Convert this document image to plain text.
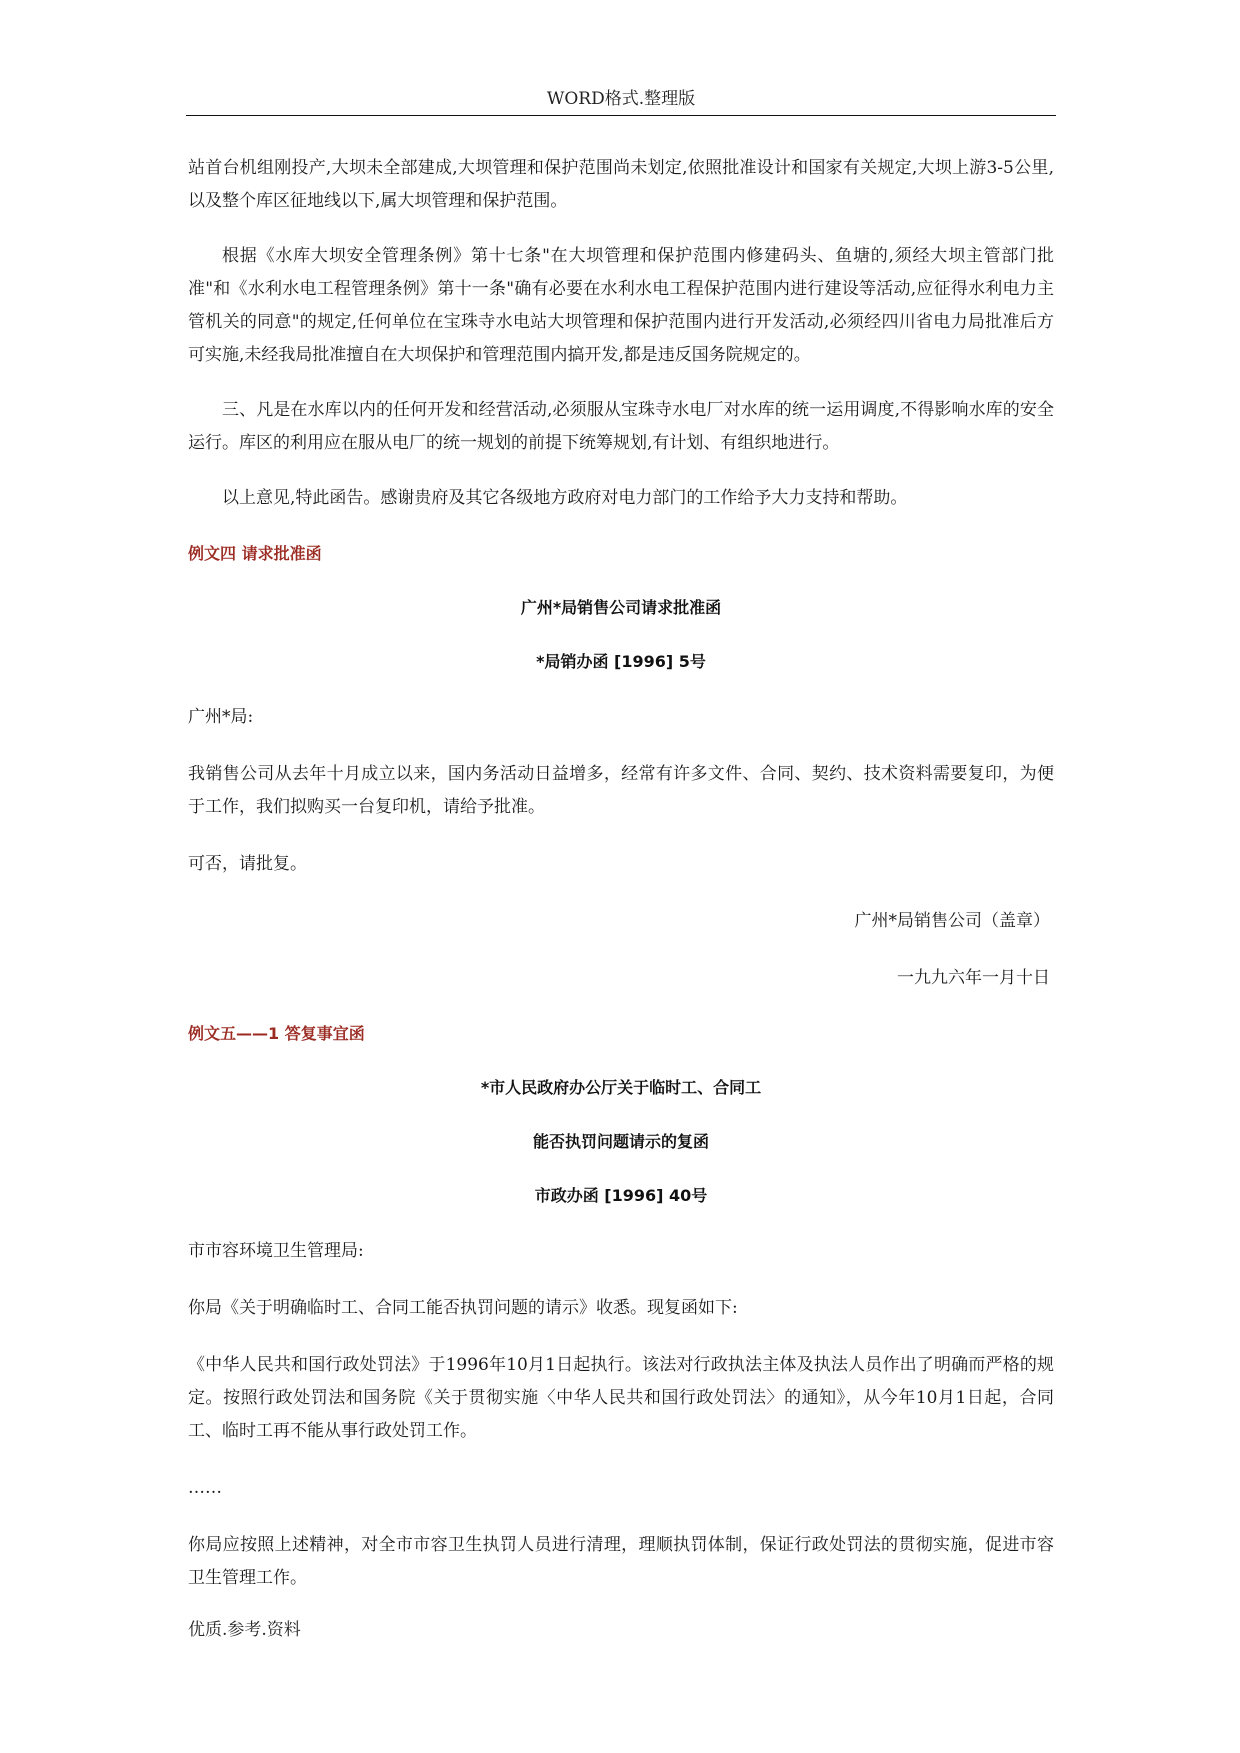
WORD格式.整理版

站首台机组刚投产,大坝未全部建成,大坝管理和保护范围尚未划定,依照批准设计和国家有关规定,大坝上游3-5公里,以及整个库区征地线以下,属大坝管理和保护范围。

根据《水库大坝安全管理条例》第十七条"在大坝管理和保护范围内修建码头、鱼塘的,须经大坝主管部门批准"和《水利水电工程管理条例》第十一条"确有必要在水利水电工程保护范围内进行建设等活动,应征得水利电力主管机关的同意"的规定,任何单位在宝珠寺水电站大坝管理和保护范围内进行开发活动,必须经四川省电力局批准后方可实施,未经我局批准擅自在大坝保护和管理范围内搞开发,都是违反国务院规定的。

三、凡是在水库以内的任何开发和经营活动,必须服从宝珠寺水电厂对水库的统一运用调度,不得影响水库的安全运行。库区的利用应在服从电厂的统一规划的前提下统筹规划,有计划、有组织地进行。

以上意见,特此函告。感谢贵府及其它各级地方政府对电力部门的工作给予大力支持和帮助。

例文四 请求批准函
广州*局销售公司请求批准函
*局销办函 [1996] 5号

广州*局:

我销售公司从去年十月成立以来，国内务活动日益增多，经常有许多文件、合同、契约、技术资料需要复印，为便于工作，我们拟购买一台复印机，请给予批准。

可否，请批复。

广州*局销售公司（盖章）

一九九六年一月十日

例文五——1 答复事宜函
*市人民政府办公厅关于临时工、合同工
能否执罚问题请示的复函
市政办函 [1996] 40号

市市容环境卫生管理局:

你局《关于明确临时工、合同工能否执罚问题的请示》收悉。现复函如下:

《中华人民共和国行政处罚法》于1996年10月1日起执行。该法对行政执法主体及执法人员作出了明确而严格的规定。按照行政处罚法和国务院《关于贯彻实施〈中华人民共和国行政处罚法〉的通知》，从今年10月1日起，合同工、临时工再不能从事行政处罚工作。

……

你局应按照上述精神，对全市市容卫生执罚人员进行清理，理顺执罚体制，保证行政处罚法的贯彻实施，促进市容卫生管理工作。

优质.参考.资料
